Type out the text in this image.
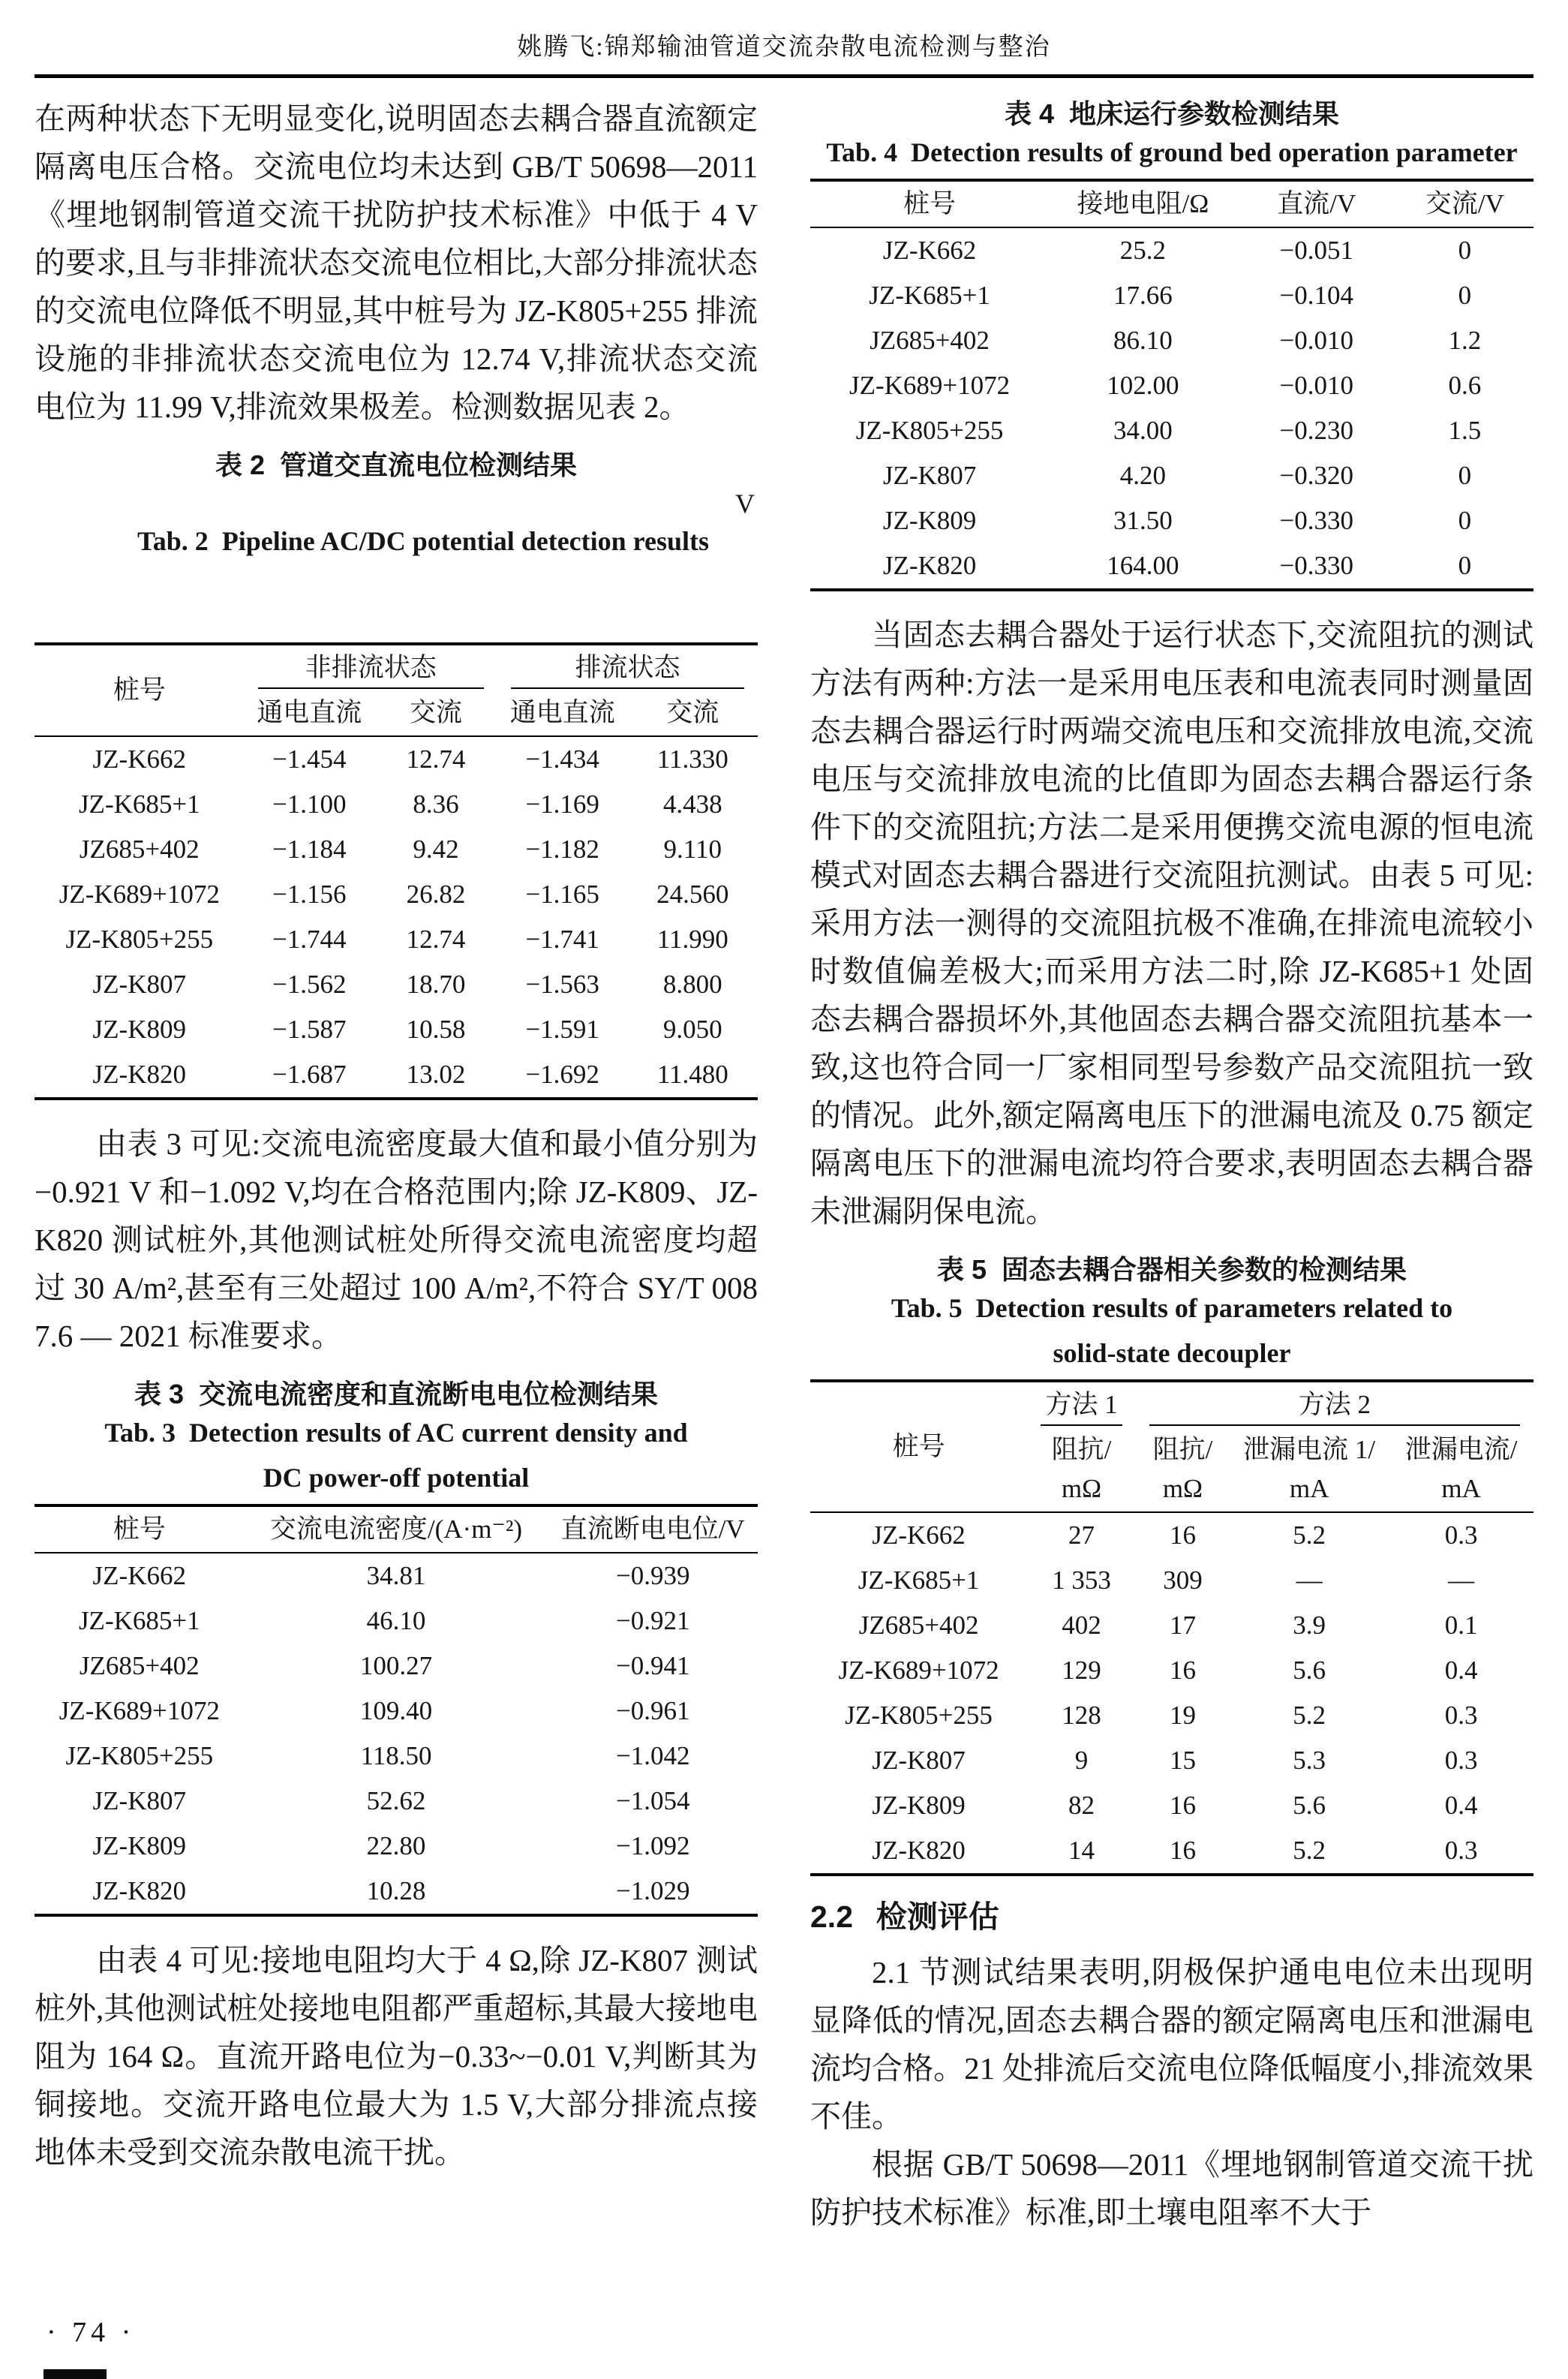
姚腾飞:锦郑输油管道交流杂散电流检测与整治

在两种状态下无明显变化,说明固态去耦合器直流额定隔离电压合格。交流电位均未达到 GB/T 50698—2011《埋地钢制管道交流干扰防护技术标准》中低于 4 V 的要求,且与非排流状态交流电位相比,大部分排流状态的交流电位降低不明显,其中桩号为 JZ-K805+255 排流设施的非排流状态交流电位为 12.74 V,排流状态交流电位为 11.99 V,排流效果极差。检测数据见表 2。

表 2  管道交直流电位检测结果

Tab. 2  Pipeline AC/DC potential detection results

V

桩号	非排流状态		排流状态	
	通电直流	交流	通电直流	交流
JZ-K662	−1.454	12.74	−1.434	11.330
JZ-K685+1	−1.100	8.36	−1.169	4.438
JZ685+402	−1.184	9.42	−1.182	9.110
JZ-K689+1072	−1.156	26.82	−1.165	24.560
JZ-K805+255	−1.744	12.74	−1.741	11.990
JZ-K807	−1.562	18.70	−1.563	8.800
JZ-K809	−1.587	10.58	−1.591	9.050
JZ-K820	−1.687	13.02	−1.692	11.480

由表 3 可见:交流电流密度最大值和最小值分别为−0.921 V 和−1.092 V,均在合格范围内;除 JZ-K809、JZ-K820 测试桩外,其他测试桩处所得交流电流密度均超过 30 A/m²,甚至有三处超过 100 A/m²,不符合 SY/T 0087.6 — 2021 标准要求。

表 3  交流电流密度和直流断电电位检测结果
Tab. 3  Detection results of AC current density and
DC power-off potential
桩号	交流电流密度/(A·m⁻²)	直流断电电位/V
JZ-K662	34.81	−0.939
JZ-K685+1	46.10	−0.921
JZ685+402	100.27	−0.941
JZ-K689+1072	109.40	−0.961
JZ-K805+255	118.50	−1.042
JZ-K807	52.62	−1.054
JZ-K809	22.80	−1.092
JZ-K820	10.28	−1.029

由表 4 可见:接地电阻均大于 4 Ω,除 JZ-K807 测试桩外,其他测试桩处接地电阻都严重超标,其最大接地电阻为 164 Ω。直流开路电位为−0.33~−0.01 V,判断其为铜接地。交流开路电位最大为 1.5 V,大部分排流点接地体未受到交流杂散电流干扰。

表 4  地床运行参数检测结果
Tab. 4  Detection results of ground bed operation parameter
桩号	接地电阻/Ω	直流/V	交流/V
JZ-K662	25.2	−0.051	0
JZ-K685+1	17.66	−0.104	0
JZ685+402	86.10	−0.010	1.2
JZ-K689+1072	102.00	−0.010	0.6
JZ-K805+255	34.00	−0.230	1.5
JZ-K807	4.20	−0.320	0
JZ-K809	31.50	−0.330	0
JZ-K820	164.00	−0.330	0

当固态去耦合器处于运行状态下,交流阻抗的测试方法有两种:方法一是采用电压表和电流表同时测量固态去耦合器运行时两端交流电压和交流排放电流,交流电压与交流排放电流的比值即为固态去耦合器运行条件下的交流阻抗;方法二是采用便携交流电源的恒电流模式对固态去耦合器进行交流阻抗测试。由表 5 可见:采用方法一测得的交流阻抗极不准确,在排流电流较小时数值偏差极大;而采用方法二时,除 JZ-K685+1 处固态去耦合器损坏外,其他固态去耦合器交流阻抗基本一致,这也符合同一厂家相同型号参数产品交流阻抗一致的情况。此外,额定隔离电压下的泄漏电流及 0.75 额定隔离电压下的泄漏电流均符合要求,表明固态去耦合器未泄漏阴保电流。

表 5  固态去耦合器相关参数的检测结果
Tab. 5  Detection results of parameters related to
solid-state decoupler
桩号	方法 1	方法 2		
	阻抗/	阻抗/	泄漏电流 1/	泄漏电流/
	mΩ	mΩ	mA	mA
JZ-K662	27	16	5.2	0.3
JZ-K685+1	1 353	309	—	—
JZ685+402	402	17	3.9	0.1
JZ-K689+1072	129	16	5.6	0.4
JZ-K805+255	128	19	5.2	0.3
JZ-K807	9	15	5.3	0.3
JZ-K809	82	16	5.6	0.4
JZ-K820	14	16	5.2	0.3
2.2 检测评估

2.1 节测试结果表明,阴极保护通电电位未出现明显降低的情况,固态去耦合器的额定隔离电压和泄漏电流均合格。21 处排流后交流电位降低幅度小,排流效果不佳。

根据 GB/T 50698—2011《埋地钢制管道交流干扰防护技术标准》标准,即土壤电阻率不大于

· 74 ·
